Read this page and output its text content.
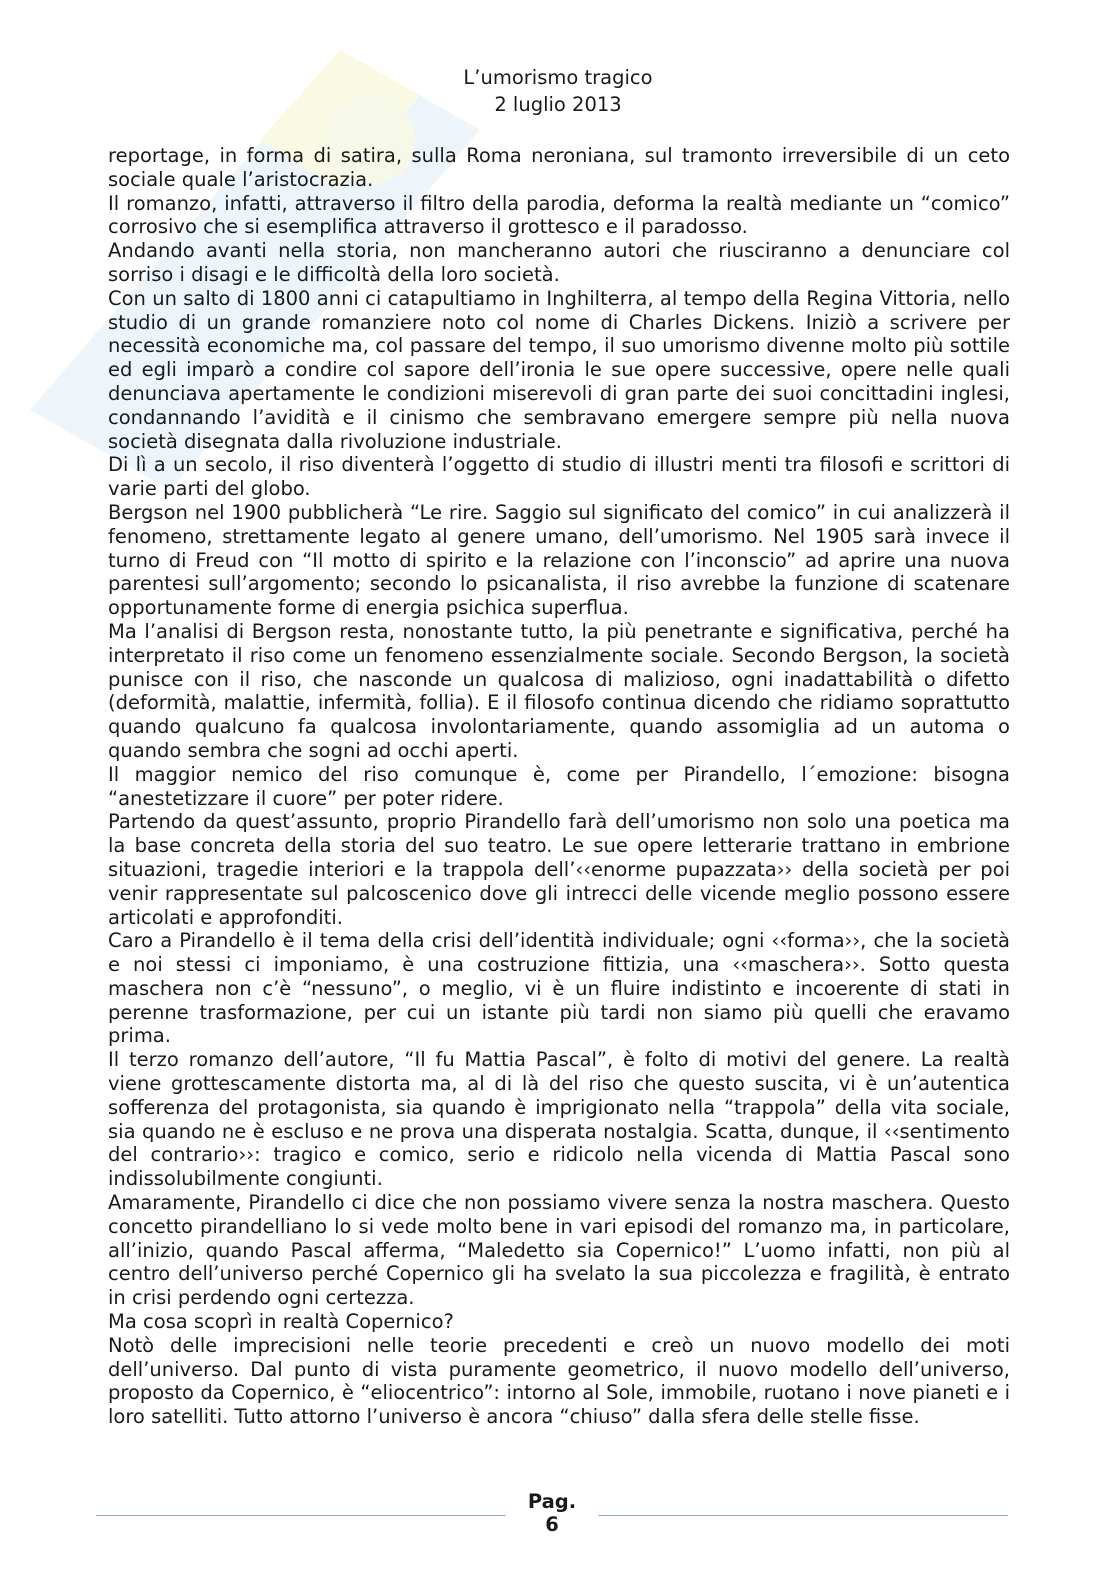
L’umorismo tragico
2 luglio 2013

reportage, in forma di satira, sulla Roma neroniana, sul tramonto irreversibile di un ceto sociale quale l’aristocrazia.

Il romanzo, infatti, attraverso il filtro della parodia, deforma la realtà mediante un “comico” corrosivo che si esemplifica attraverso il grottesco e il paradosso.

Andando avanti nella storia, non mancheranno autori che riusciranno a denunciare col sorriso i disagi e le difficoltà della loro società.

Con un salto di 1800 anni ci catapultiamo in Inghilterra, al tempo della Regina Vittoria, nello studio di un grande romanziere noto col nome di Charles Dickens. Iniziò a scrivere per necessità economiche ma, col passare del tempo, il suo umorismo divenne molto più sottile ed egli imparò a condire col sapore dell’ironia le sue opere successive, opere nelle quali denunciava apertamente le condizioni miserevoli di gran parte dei suoi concittadini inglesi, condannando l’avidità e il cinismo che sembravano emergere sempre più nella nuova società disegnata dalla rivoluzione industriale.

Di lì a un secolo, il riso diventerà l’oggetto di studio di illustri menti tra filosofi e scrittori di varie parti del globo.

Bergson nel 1900 pubblicherà “Le rire. Saggio sul significato del comico” in cui analizzerà il fenomeno, strettamente legato al genere umano, dell’umorismo. Nel 1905 sarà invece il turno di Freud con “Il motto di spirito e la relazione con l’inconscio” ad aprire una nuova parentesi sull’argomento; secondo lo psicanalista, il riso avrebbe la funzione di scatenare opportunamente forme di energia psichica superflua.

Ma l’analisi di Bergson resta, nonostante tutto, la più penetrante e significativa, perché ha interpretato il riso come un fenomeno essenzialmente sociale. Secondo Bergson, la società punisce con il riso, che nasconde un qualcosa di malizioso, ogni inadattabilità o difetto (deformità, malattie, infermità, follia). E il filosofo continua dicendo che ridiamo soprattutto quando qualcuno fa qualcosa involontariamente, quando assomiglia ad un automa o quando sembra che sogni ad occhi aperti.

Il maggior nemico del riso comunque è, come per Pirandello, l´emozione: bisogna “anestetizzare il cuore” per poter ridere.

Partendo da quest’assunto, proprio Pirandello farà dell’umorismo non solo una poetica ma la base concreta della storia del suo teatro. Le sue opere letterarie trattano in embrione situazioni, tragedie interiori e la trappola dell’‹‹enorme pupazzata›› della società per poi venir rappresentate sul palcoscenico dove gli intrecci delle vicende meglio possono essere articolati e approfonditi.

Caro a Pirandello è il tema della crisi dell’identità individuale; ogni ‹‹forma››, che la società e noi stessi ci imponiamo, è una costruzione fittizia, una ‹‹maschera››. Sotto questa maschera non c’è “nessuno”, o meglio, vi è un fluire indistinto e incoerente di stati in perenne trasformazione, per cui un istante più tardi non siamo più quelli che eravamo prima.

Il terzo romanzo dell’autore, “Il fu Mattia Pascal”, è folto di motivi del genere. La realtà viene grottescamente distorta ma, al di là del riso che questo suscita, vi è un’autentica sofferenza del protagonista, sia quando è imprigionato nella “trappola” della vita sociale, sia quando ne è escluso e ne prova una disperata nostalgia. Scatta, dunque, il ‹‹sentimento del contrario››: tragico e comico, serio e ridicolo nella vicenda di Mattia Pascal sono indissolubilmente congiunti.

Amaramente, Pirandello ci dice che non possiamo vivere senza la nostra maschera. Questo concetto pirandelliano lo si vede molto bene in vari episodi del romanzo ma, in particolare, all’inizio, quando Pascal afferma, “Maledetto sia Copernico!” L’uomo infatti, non più al centro dell’universo perché Copernico gli ha svelato la sua piccolezza e fragilità, è entrato in crisi perdendo ogni certezza.

Ma cosa scoprì in realtà Copernico?

Notò delle imprecisioni nelle teorie precedenti e creò un nuovo modello dei moti dell’universo. Dal punto di vista puramente geometrico, il nuovo modello dell’universo, proposto da Copernico, è “eliocentrico”: intorno al Sole, immobile, ruotano i nove pianeti e i loro satelliti. Tutto attorno l’universo è ancora “chiuso” dalla sfera delle stelle fisse.

Pag.
6
